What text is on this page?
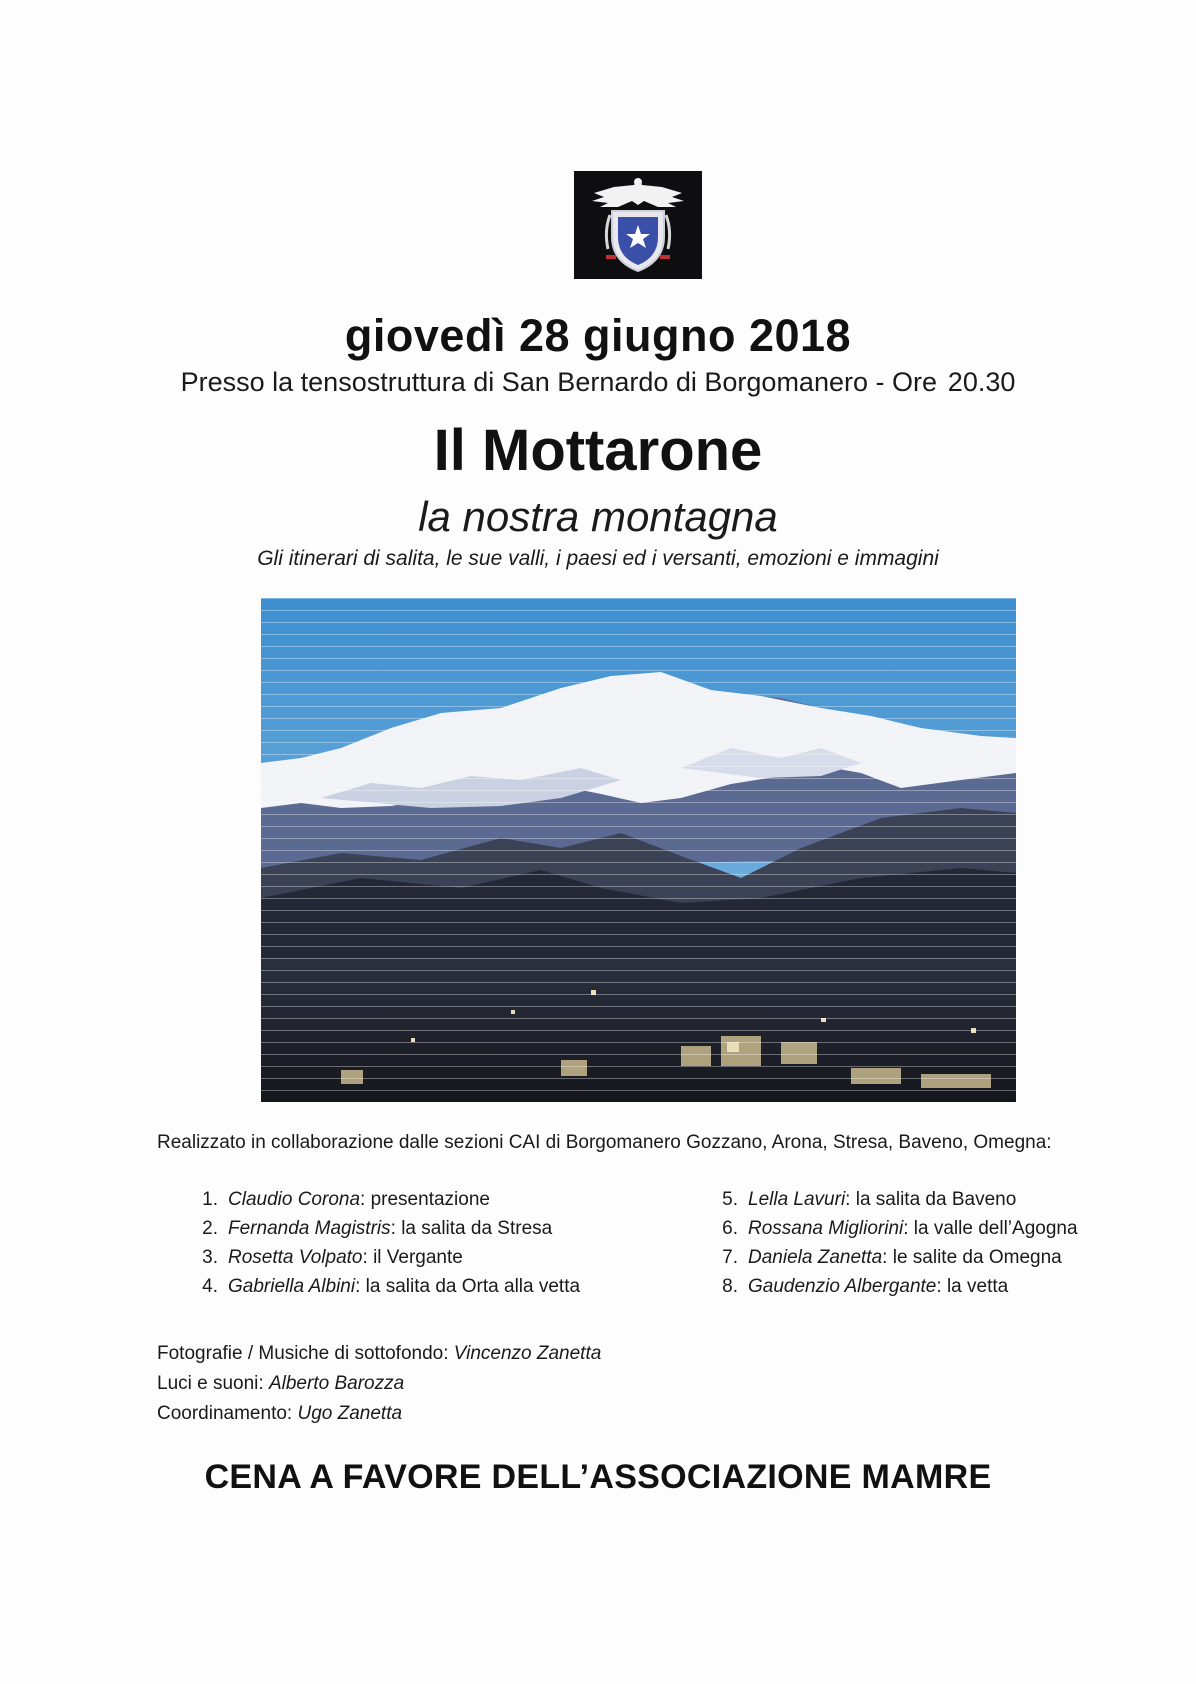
giovedì 28 giugno 2018
Presso la tensostruttura di San Bernardo di Borgomanero - Ore 20.30
Il Mottarone
la nostra montagna
Gli itinerari di salita, le sue valli, i paesi ed i versanti, emozioni e immagini
Realizzato in collaborazione dalle sezioni CAI di Borgomanero Gozzano, Arona, Stresa, Baveno, Omegna:
1. Claudio Corona: presentazione
2. Fernanda Magistris: la salita da Stresa
3. Rosetta Volpato: il Vergante
4. Gabriella Albini: la salita da Orta alla vetta
5. Lella Lavuri: la salita da Baveno
6. Rossana Migliorini: la valle dell’Agogna
7. Daniela Zanetta: le salite da Omegna
8. Gaudenzio Albergante: la vetta
Fotografie / Musiche di sottofondo: Vincenzo Zanetta
Luci e suoni: Alberto Barozza
Coordinamento: Ugo Zanetta
CENA A FAVORE DELL’ASSOCIAZIONE MAMRE
